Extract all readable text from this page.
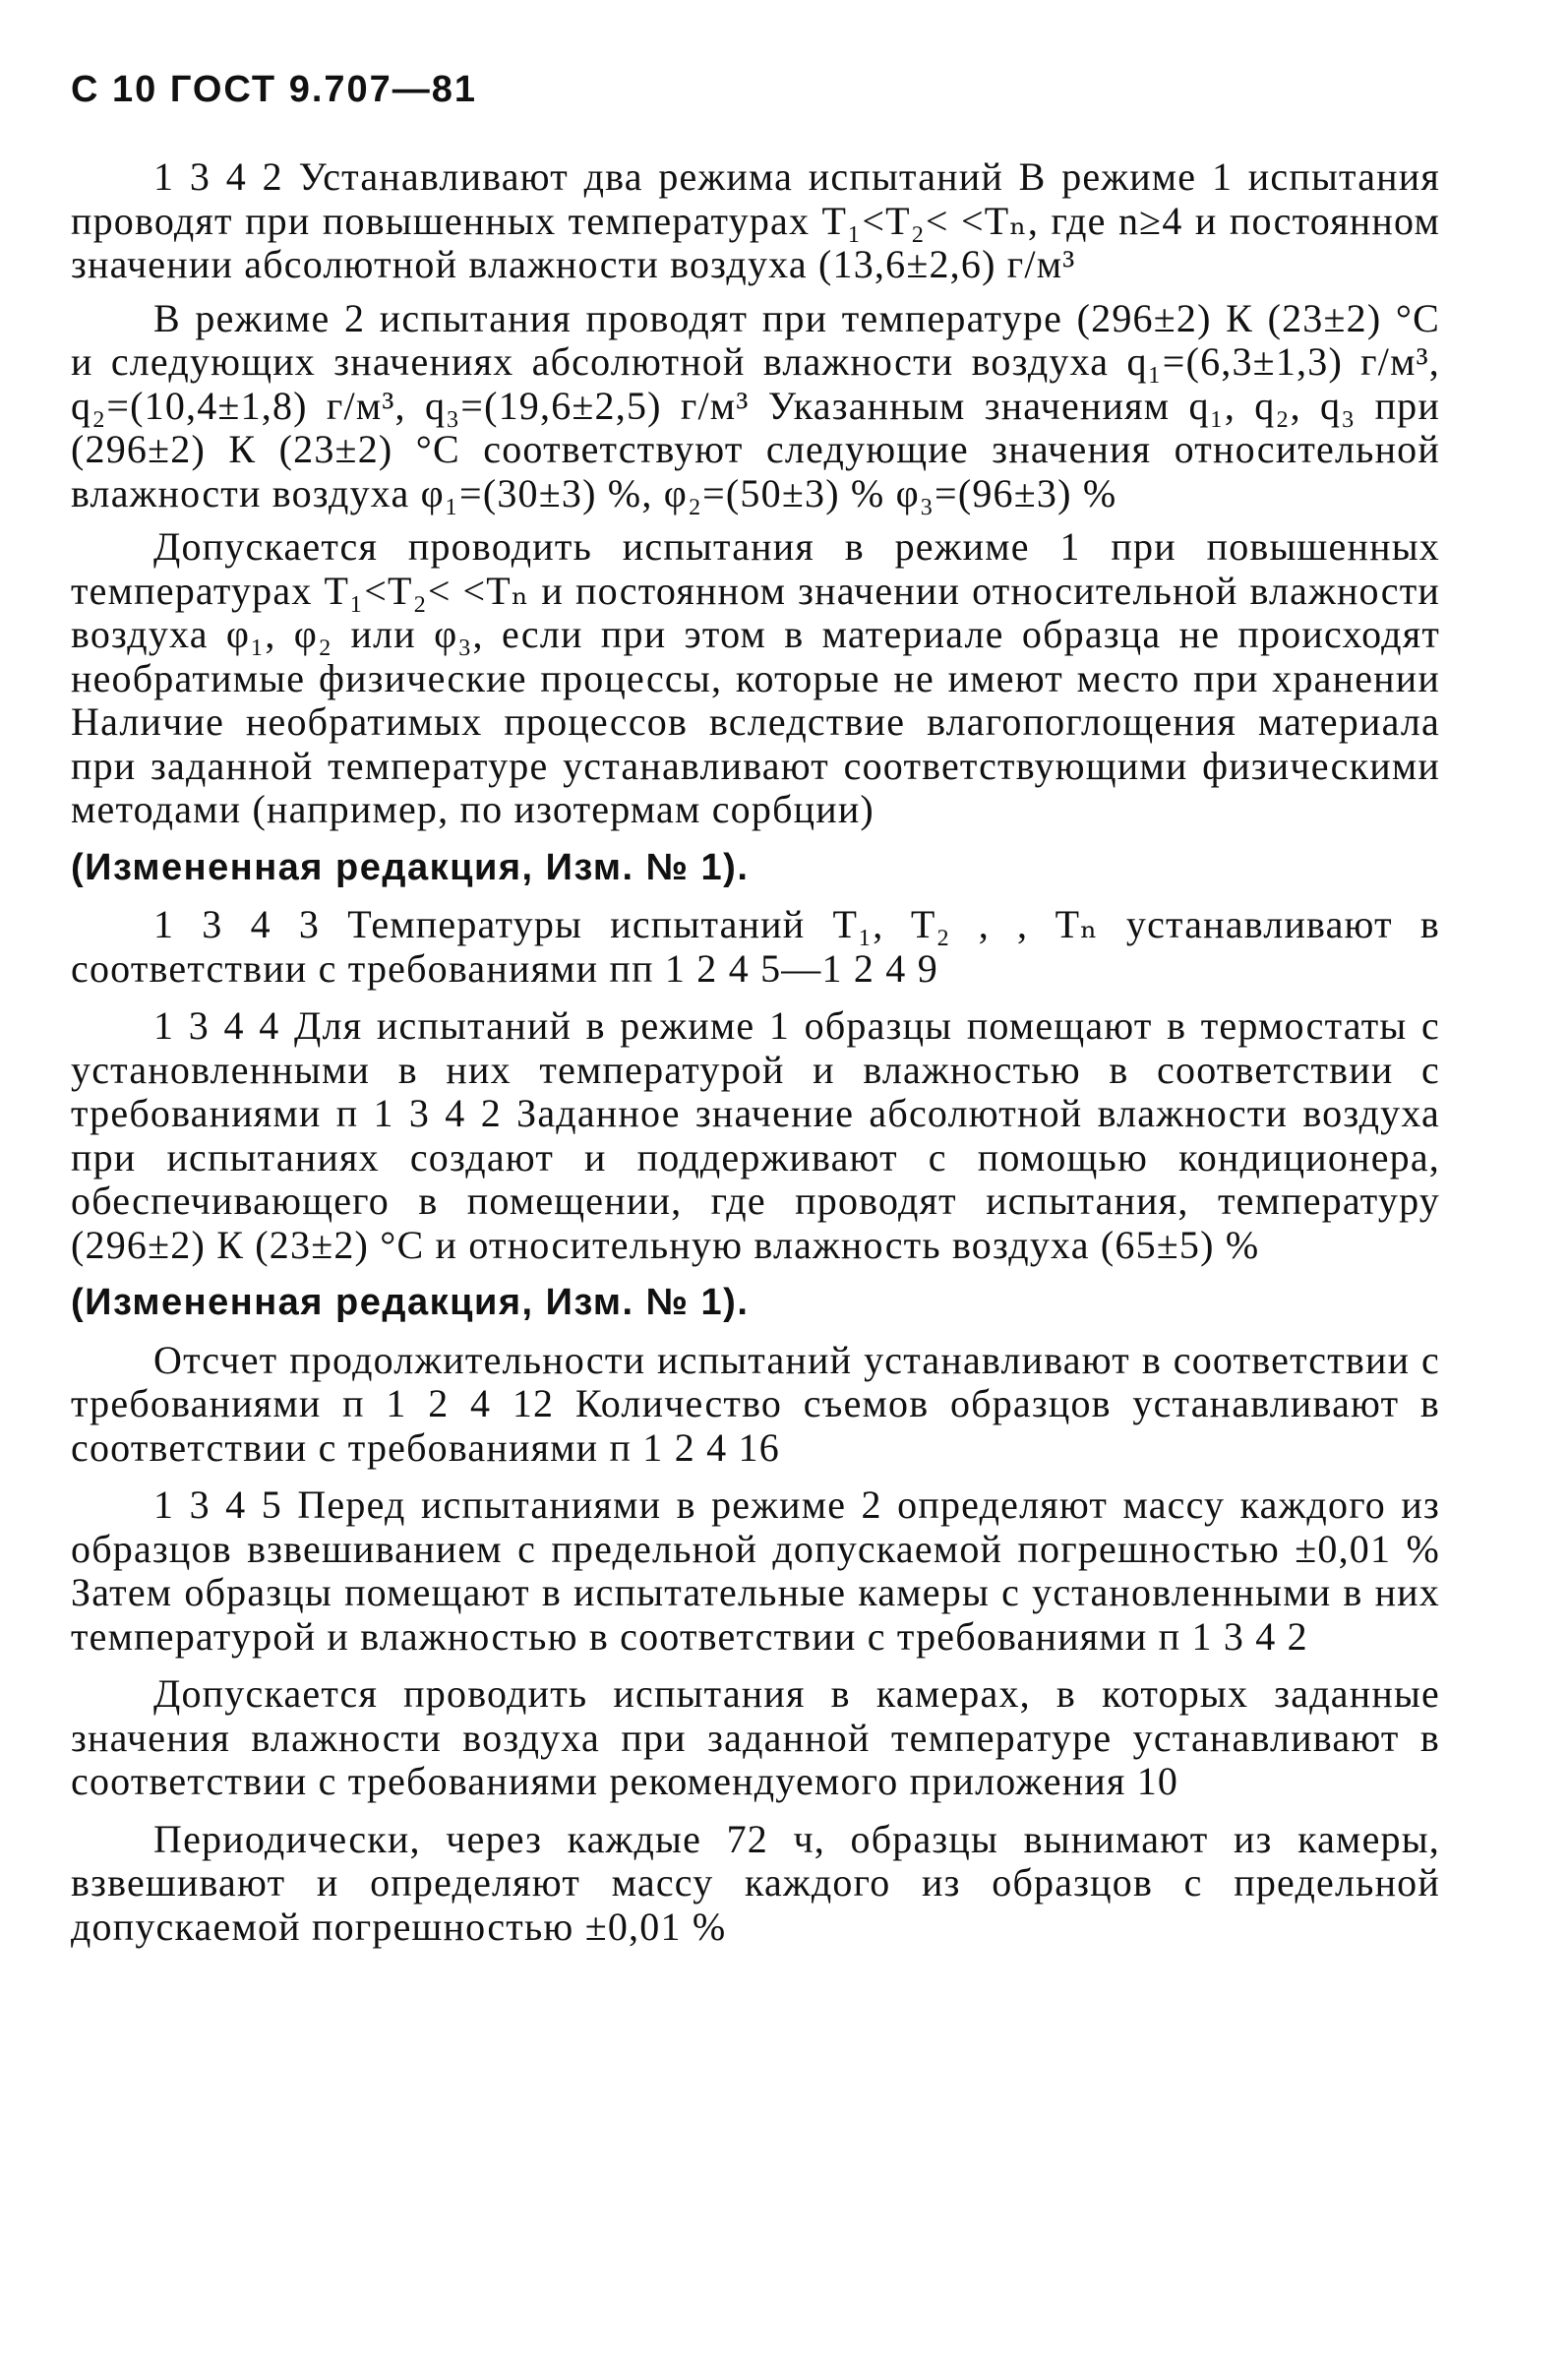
С 10 ГОСТ 9.707—81

1 3 4 2 Устанавливают два режима испытаний В режиме 1 испытания проводят при повышенных температурах T₁<T₂< <Tₙ, где n≥4 и постоянном значении абсолютной влажности воздуха (13,6±2,6) г/м³

В режиме 2 испытания проводят при температуре (296±2) К (23±2) °С и следующих значениях абсолютной влажности воздуха q₁=(6,3±1,3) г/м³, q₂=(10,4±1,8) г/м³, q₃=(19,6±2,5) г/м³ Указанным значениям q₁, q₂, q₃ при (296±2) К (23±2) °С соответствуют следующие значения относительной влажности воздуха φ₁=(30±3) %, φ₂=(50±3) % φ₃=(96±3) %

Допускается проводить испытания в режиме 1 при повышенных температурах T₁<T₂< <Tₙ и постоянном значении относительной влажности воздуха φ₁, φ₂ или φ₃, если при этом в материале образца не происходят необратимые физические процессы, которые не имеют место при хранении Наличие необратимых процессов вследствие влагопоглощения материала при заданной температуре устанавливают соответствующими физическими методами (например, по изотермам сорбции)

(Измененная редакция, Изм. № 1).

1 3 4 3 Температуры испытаний T₁, T₂ , , Tₙ устанавливают в соответствии с требованиями пп 1 2 4 5—1 2 4 9

1 3 4 4 Для испытаний в режиме 1 образцы помещают в термостаты с установленными в них температурой и влажностью в соответствии с требованиями п 1 3 4 2 Заданное значение абсолютной влажности воздуха при испытаниях создают и поддерживают с помощью кондиционера, обеспечивающего в помещении, где проводят испытания, температуру (296±2) К (23±2) °С и относительную влажность воздуха (65±5) %

(Измененная редакция, Изм. № 1).

Отсчет продолжительности испытаний устанавливают в соответствии с требованиями п 1 2 4 12 Количество съемов образцов устанавливают в соответствии с требованиями п 1 2 4 16

1 3 4 5 Перед испытаниями в режиме 2 определяют массу каждого из образцов взвешиванием с предельной допускаемой погрешностью ±0,01 % Затем образцы помещают в испытательные камеры с установленными в них температурой и влажностью в соответствии с требованиями п 1 3 4 2

Допускается проводить испытания в камерах, в которых заданные значения влажности воздуха при заданной температуре устанавливают в соответствии с требованиями рекомендуемого приложения 10

Периодически, через каждые 72 ч, образцы вынимают из камеры, взвешивают и определяют массу каждого из образцов с предельной допускаемой погрешностью ±0,01 %
